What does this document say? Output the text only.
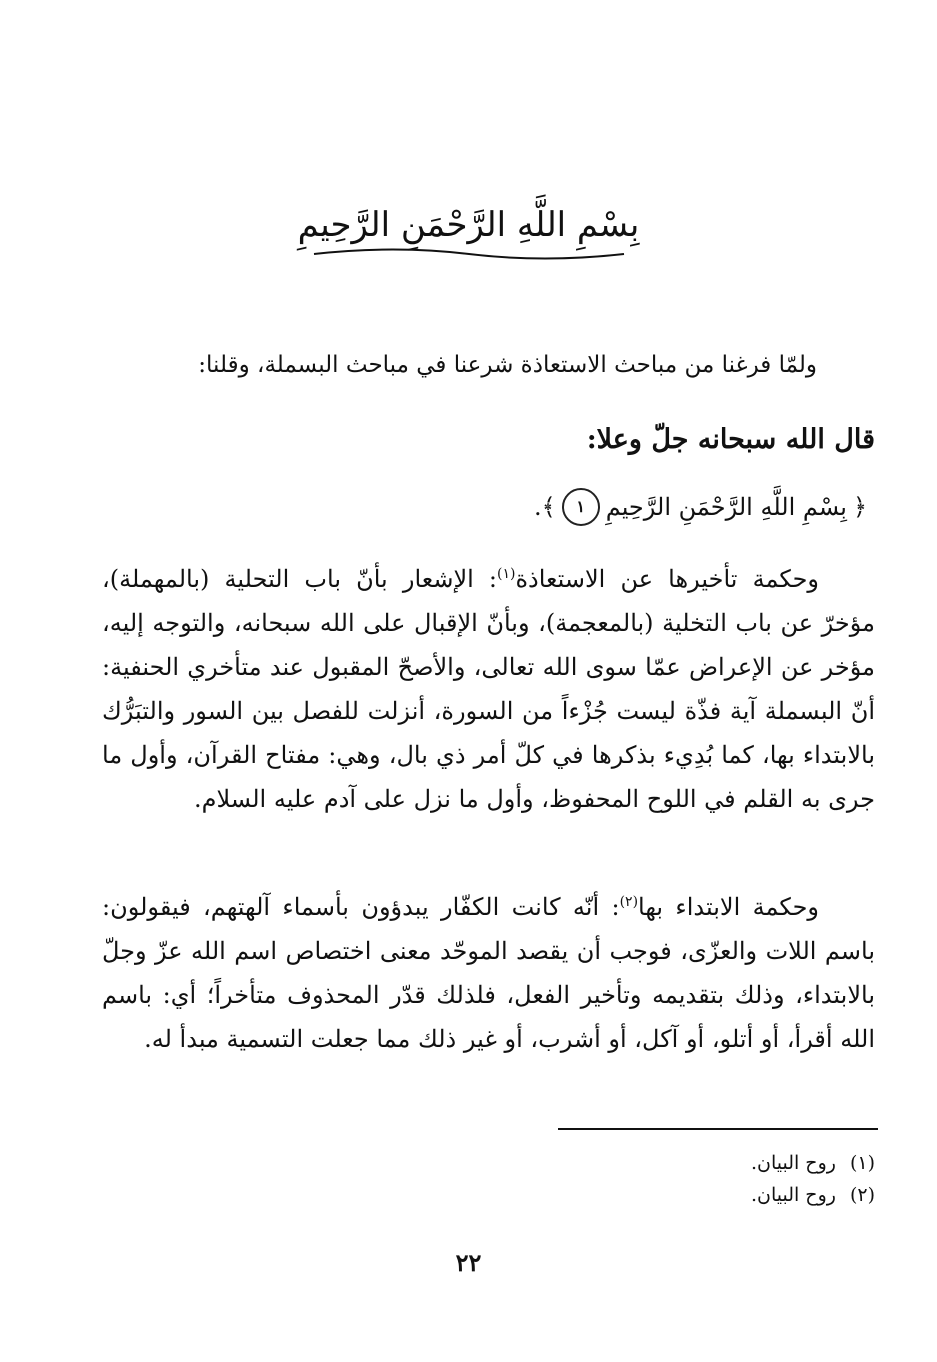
بِسْمِ اللَّهِ الرَّحْمَنِ الرَّحِيمِ
ولمّا فرغنا من مباحث الاستعاذة شرعنا في مباحث البسملة، وقلنا:
قال الله سبحانه جلّ وعلا:
﴿
بِسْمِ اللَّهِ الرَّحْمَنِ الرَّحِيمِ
١
﴾.

وحكمة تأخيرها عن الاستعاذة$^{(١)}$: الإشعار بأنّ باب التحلية (بالمهملة)، مؤخرّ عن باب التخلية (بالمعجمة)، وبأنّ الإقبال على الله سبحانه، والتوجه إليه، مؤخر عن الإعراض عمّا سوى الله تعالى، والأصحّ المقبول عند متأخري الحنفية: أنّ البسملة آية فذّة ليست جُزْءاً من السورة، أنزلت للفصل بين السور والتبَرُّك بالابتداء بها، كما بُدِيء بذكرها في كلّ أمر ذي بال، وهي: مفتاح القرآن، وأول ما جرى به القلم في اللوح المحفوظ، وأول ما نزل على آدم عليه السلام.

وحكمة الابتداء بها$^{(٢)}$: أنّه كانت الكفّار يبدؤون بأسماء آلهتهم، فيقولون: باسم اللات والعزّى، فوجب أن يقصد الموحّد معنى اختصاص اسم الله عزّ وجلّ بالابتداء، وذلك بتقديمه وتأخير الفعل، فلذلك قدّر المحذوف متأخراً؛ أي: باسم الله أقرأ، أو أتلو، أو آكل، أو أشرب، أو غير ذلك مما جعلت التسمية مبدأ له.

(١)
روح البيان.
(٢)
روح البيان.
٢٢
